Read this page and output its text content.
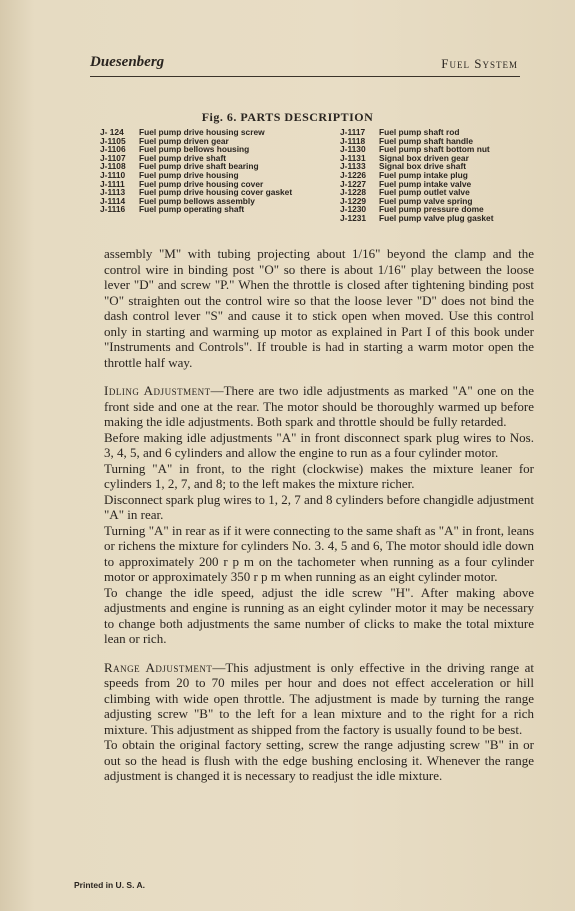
Duesenberg	Fuel System
Fig. 6. PARTS DESCRIPTION
J- 124	Fuel pump drive housing screw
J-1105	Fuel pump driven gear
J-1106	Fuel pump bellows housing
J-1107	Fuel pump drive shaft
J-1108	Fuel pump drive shaft bearing
J-1110	Fuel pump drive housing
J-1111	Fuel pump drive housing cover
J-1113	Fuel pump drive housing cover gasket
J-1114	Fuel pump bellows assembly
J-1116	Fuel pump operating shaft
J-1117	Fuel pump shaft rod
J-1118	Fuel pump shaft handle
J-1130	Fuel pump shaft bottom nut
J-1131	Signal box driven gear
J-1133	Signal box drive shaft
J-1226	Fuel pump intake plug
J-1227	Fuel pump intake valve
J-1228	Fuel pump outlet valve
J-1229	Fuel pump valve spring
J-1230	Fuel pump pressure dome
J-1231	Fuel pump valve plug gasket

assembly "M" with tubing projecting about 1/16" beyond the clamp and the control wire in binding post "O" so there is about 1/16" play between the loose lever "D" and screw "P." When the throttle is closed after tightening binding post "O" straighten out the control wire so that the loose lever "D" does not bind the dash control lever "S" and cause it to stick open when moved. Use this control only in starting and warming up motor as explained in Part I of this book under "Instruments and Controls". If trouble is had in starting a warm motor open the throttle half way.

Idling Adjustment—There are two idle adjustments as marked "A" one on the front side and one at the rear. The motor should be thoroughly warmed up before making the idle adjustments. Both spark and throttle should be fully retarded.

Before making idle adjustments "A" in front disconnect spark plug wires to Nos. 3, 4, 5, and 6 cylinders and allow the engine to run as a four cylinder motor.

Turning "A" in front, to the right (clockwise) makes the mixture leaner for cylinders 1, 2, 7, and 8; to the left makes the mixture richer.

Disconnect spark plug wires to 1, 2, 7 and 8 cylinders before changidle adjustment "A" in rear.

Turning "A" in rear as if it were connecting to the same shaft as "A" in front, leans or richens the mixture for cylinders No. 3. 4, 5 and 6, The motor should idle down to approximately 200 r p m on the tachometer when running as a four cylinder motor or approximately 350 r p m when running as an eight cylinder motor.

To change the idle speed, adjust the idle screw "H". After making above adjustments and engine is running as an eight cylinder motor it may be necessary to change both adjustments the same number of clicks to make the total mixture lean or rich.

Range Adjustment—This adjustment is only effective in the driving range at speeds from 20 to 70 miles per hour and does not effect acceleration or hill climbing with wide open throttle. The adjustment is made by turning the range adjusting screw "B" to the left for a lean mixture and to the right for a rich mixture. This adjustment as shipped from the factory is usually found to be best.

To obtain the original factory setting, screw the range adjusting screw "B" in or out so the head is flush with the edge bushing enclosing it. Whenever the range adjustment is changed it is necessary to readjust the idle mixture.

Printed in U. S. A.
